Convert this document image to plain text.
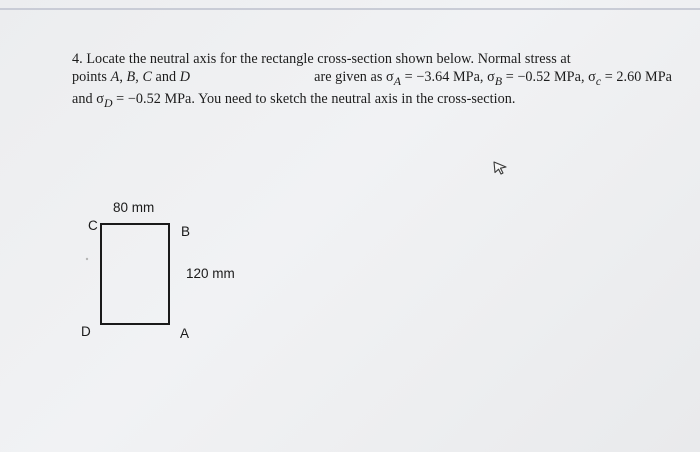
4. Locate the neutral axis for the rectangle cross-section shown below. Normal stress at
points A, B, C and D	are given as $\sigma_A = -3.64$ MPa, $\sigma_B = -0.52$ MPa, $\sigma_c = 2.60$ MPa
and $\sigma_D = -0.52$ MPa. You need to sketch the neutral axis in the cross-section.
80 mm
120 mm
C	B
D	A
